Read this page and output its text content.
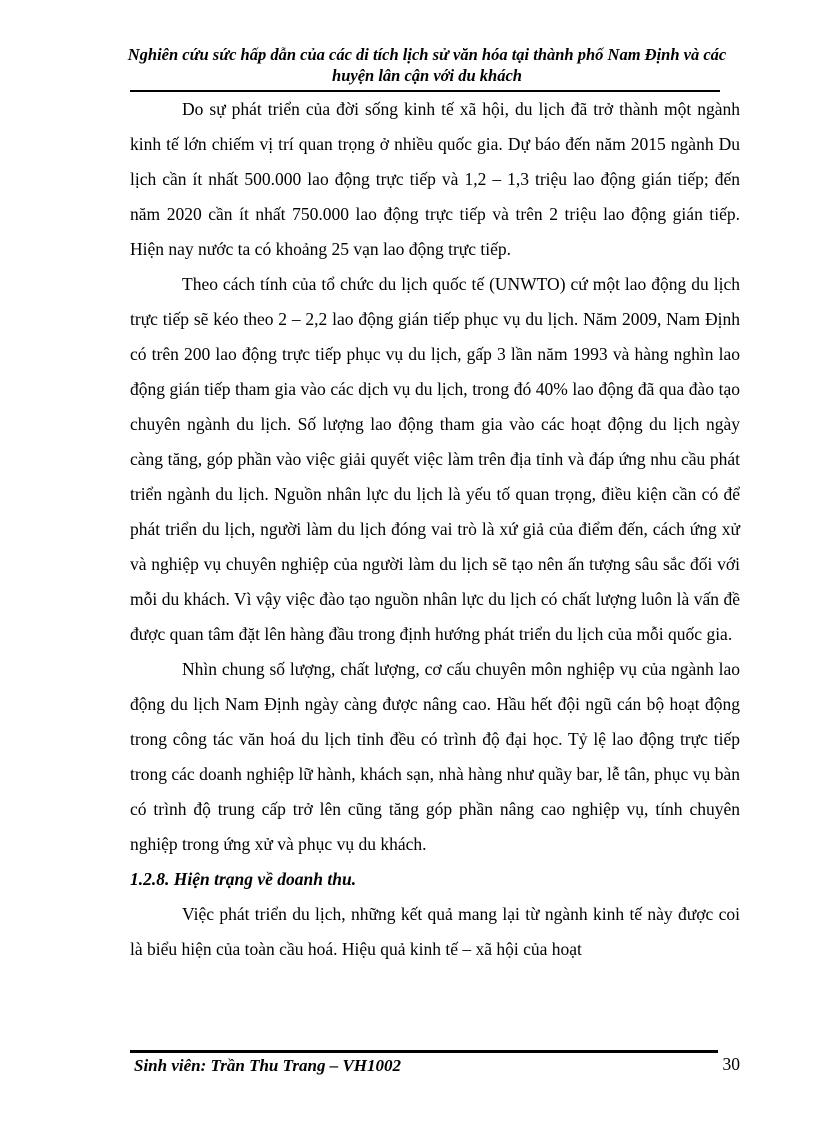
Nghiên cứu sức hấp dẫn của các di tích lịch sử văn hóa tại thành phố Nam Định và các huyện lân cận với du khách

Do sự phát triển của đời sống kinh tế xã hội, du lịch đã trở thành một ngành kinh tế lớn chiếm vị trí quan trọng ở nhiều quốc gia. Dự báo đến năm 2015 ngành Du lịch cần ít nhất 500.000 lao động trực tiếp và 1,2 – 1,3 triệu lao động gián tiếp; đến năm 2020 cần ít nhất 750.000 lao động trực tiếp và trên 2 triệu lao động gián tiếp. Hiện nay nước ta có khoảng 25 vạn lao động trực tiếp.

Theo cách tính của tổ chức du lịch quốc tế (UNWTO) cứ một lao động du lịch trực tiếp sẽ kéo theo 2 – 2,2 lao động gián tiếp phục vụ du lịch. Năm 2009, Nam Định có trên 200 lao động trực tiếp phục vụ du lịch, gấp 3 lần năm 1993 và hàng nghìn lao động gián tiếp tham gia vào các dịch vụ du lịch, trong đó 40% lao động đã qua đào tạo chuyên ngành du lịch. Số lượng lao động tham gia vào các hoạt động du lịch ngày càng tăng, góp phần vào việc giải quyết việc làm trên địa tỉnh và đáp ứng nhu cầu phát triển ngành du lịch. Nguồn nhân lực du lịch là yếu tố quan trọng, điều kiện cần có để phát triển du lịch, người làm du lịch đóng vai trò là xứ giả của điểm đến, cách ứng xử và nghiệp vụ chuyên nghiệp của người làm du lịch sẽ tạo nên ấn tượng sâu sắc đối với mỗi du khách. Vì vậy việc đào tạo nguồn nhân lực du lịch có chất lượng luôn là vấn đề được quan tâm đặt lên hàng đầu trong định hướng phát triển du lịch của mỗi quốc gia.

Nhìn chung số lượng, chất lượng, cơ cấu chuyên môn nghiệp vụ của ngành lao động du lịch Nam Định ngày càng được nâng cao. Hầu hết đội ngũ cán bộ hoạt động trong công tác văn hoá du lịch tỉnh đều có trình độ đại học. Tỷ lệ lao động trực tiếp trong các doanh nghiệp lữ hành, khách sạn, nhà hàng như quầy bar, lễ tân, phục vụ bàn có trình độ trung cấp trở lên cũng tăng góp phần nâng cao nghiệp vụ, tính chuyên nghiệp trong ứng xử và phục vụ du khách.

1.2.8. Hiện trạng về doanh thu.

Việc phát triển du lịch, những kết quả mang lại từ ngành kinh tế này được coi là biểu hiện của toàn cầu hoá. Hiệu quả kinh tế – xã hội của hoạt

Sinh viên: Trần Thu Trang – VH1002	30
